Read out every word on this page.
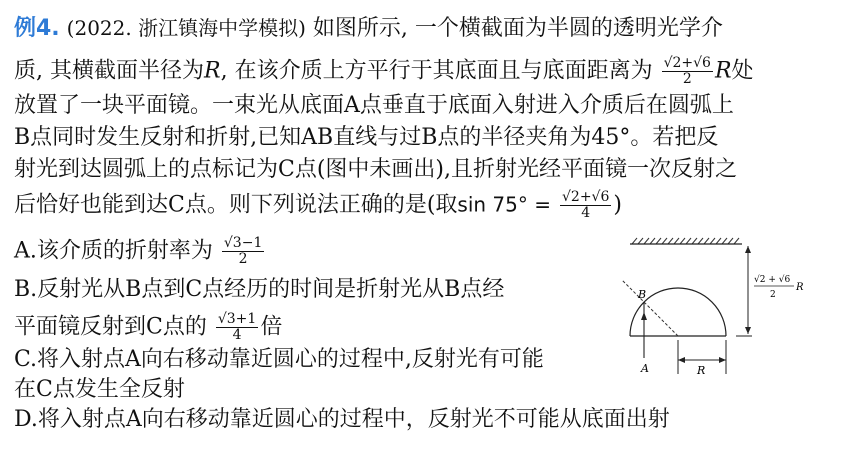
例4. (2022. 浙江镇海中学模拟) 如图所示, 一个横截面为半圆的透明光学介
质, 其横截面半径为R, 在该介质上方平行于其底面且与底面距离为 $\frac{√2+√6}{2}$ R处
放置了一块平面镜。一束光从底面A点垂直于底面入射进入介质后在圆弧上
B点同时发生反射和折射,已知AB直线与过B点的半径夹角为45°。若把反
射光到达圆弧上的点标记为C点(图中未画出),且折射光经平面镜一次反射之
后恰好也能到达C点。则下列说法正确的是(取$\sin 75^\circ = \frac{√2+√6}{4}$ )
A.该介质的折射率为 $\frac{√3-1}{2}$
B.反射光从B点到C点经历的时间是折射光从B点经
平面镜反射到C点的 $\frac{√3+1}{4}$ 倍
C.将入射点A向右移动靠近圆心的过程中,反射光有可能
在C点发生全反射
D.将入射点A向右移动靠近圆心的过程中，反射光不可能从底面出射
B
A
√2 + √6
2
R
R
